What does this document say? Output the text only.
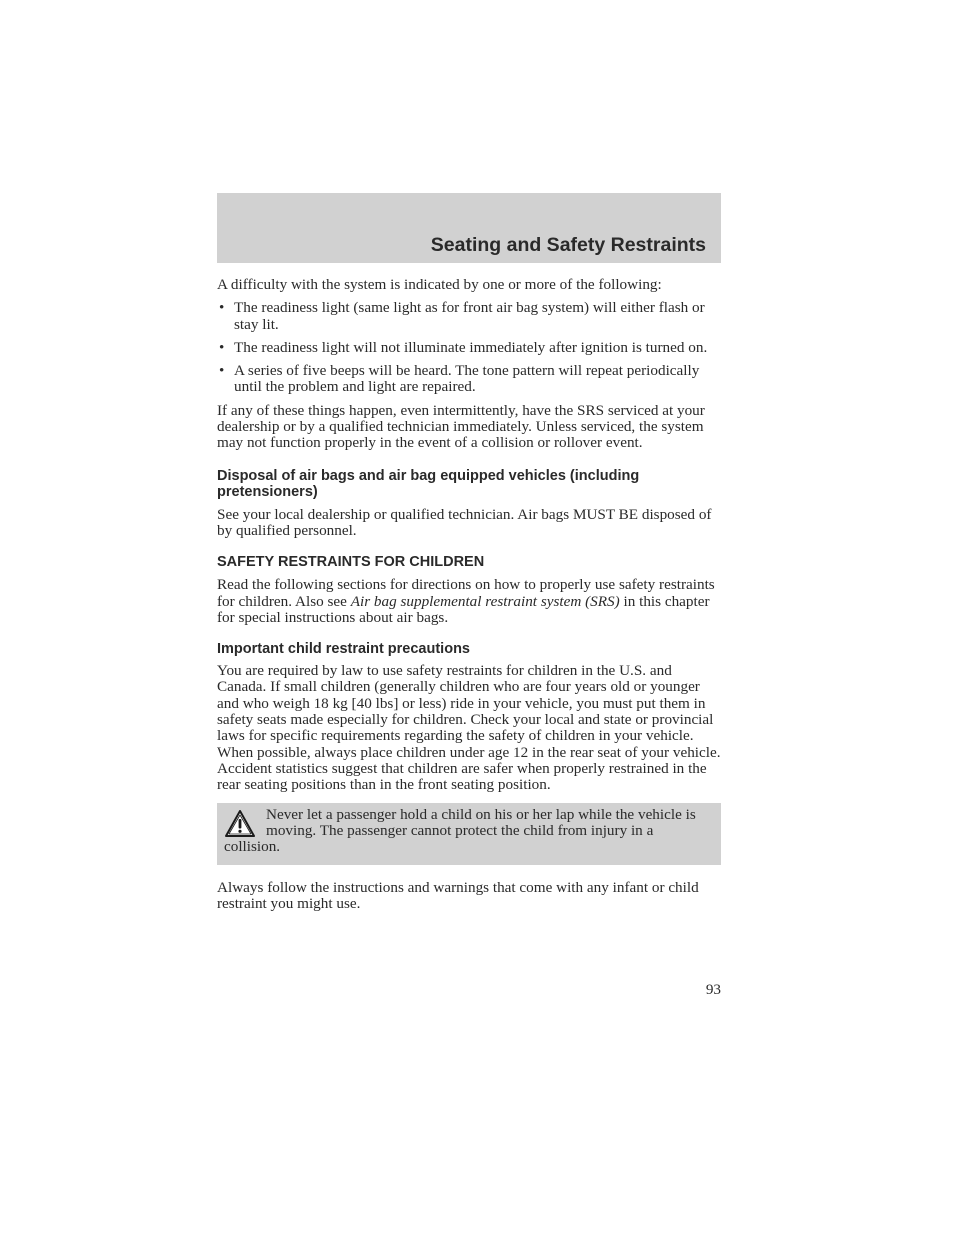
Seating and Safety Restraints

A difficulty with the system is indicated by one or more of the following:

• The readiness light (same light as for front air bag system) will either flash or stay lit.
• The readiness light will not illuminate immediately after ignition is turned on.
• A series of five beeps will be heard. The tone pattern will repeat periodically until the problem and light are repaired.

If any of these things happen, even intermittently, have the SRS serviced at your dealership or by a qualified technician immediately. Unless serviced, the system may not function properly in the event of a collision or rollover event.

Disposal of air bags and air bag equipped vehicles (including pretensioners)

See your local dealership or qualified technician. Air bags MUST BE disposed of by qualified personnel.

SAFETY RESTRAINTS FOR CHILDREN

Read the following sections for directions on how to properly use safety restraints for children. Also see Air bag supplemental restraint system (SRS) in this chapter for special instructions about air bags.

Important child restraint precautions

You are required by law to use safety restraints for children in the U.S. and Canada. If small children (generally children who are four years old or younger and who weigh 18 kg [40 lbs] or less) ride in your vehicle, you must put them in safety seats made especially for children. Check your local and state or provincial laws for specific requirements regarding the safety of children in your vehicle. When possible, always place children under age 12 in the rear seat of your vehicle. Accident statistics suggest that children are safer when properly restrained in the rear seating positions than in the front seating position.

Never let a passenger hold a child on his or her lap while the vehicle is moving. The passenger cannot protect the child from injury in a collision.

Always follow the instructions and warnings that come with any infant or child restraint you might use.

93
